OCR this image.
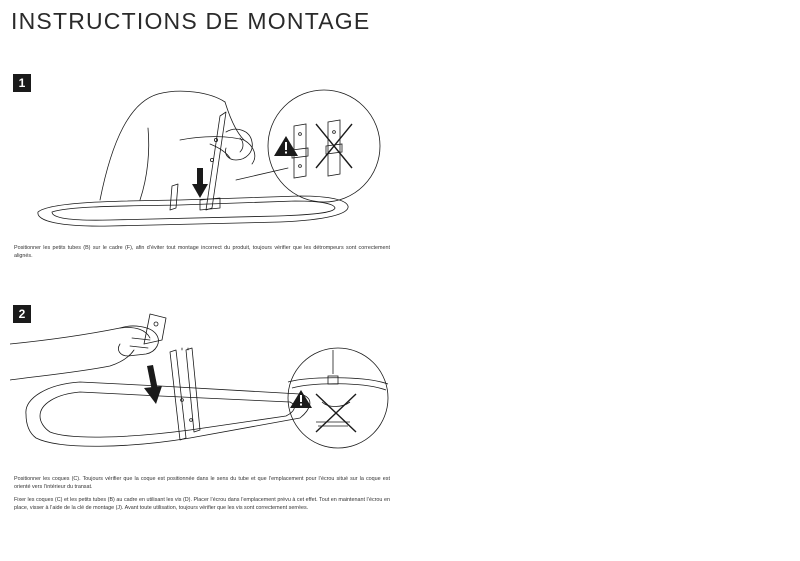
INSTRUCTIONS DE MONTAGE
1

Positionner les petits tubes (B) sur le cadre (F), afin d’éviter tout montage incorrect du produit, toujours vérifier que les détrompeurs sont correctement alignés.

2

Positionner les coques (C). Toujours vérifier que la coque est positionnée dans le sens du tube et que l’emplacement pour l’écrou situé sur la coque est orienté vers l’intérieur du transat.

Fixer les coques (C) et les petits tubes (B) au cadre en utilisant les vis (D). Placer l’écrou dans l’emplacement prévu à cet effet. Tout en maintenant l’écrou en place, visser à l’aide de la clé de montage (J). Avant toute utilisation, toujours vérifier que les vis sont correctement serrées.
